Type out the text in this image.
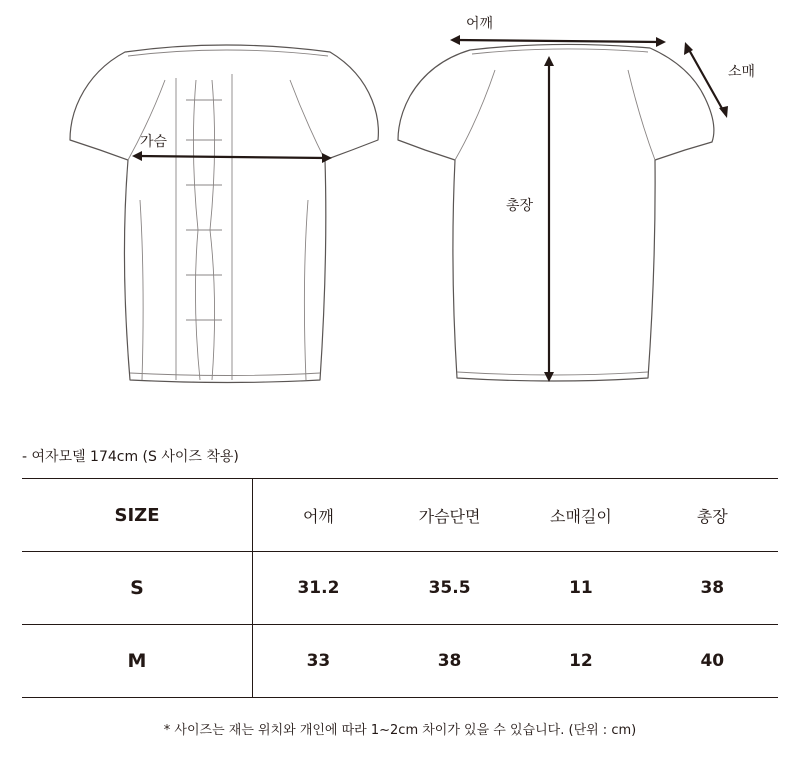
가슴
어깨
소매
총장
- 여자모델 174cm (S 사이즈 착용)
SIZE	어깨	가슴단면	소매길이	총장
S	31.2	35.5	11	38
M	33	38	12	40
* 사이즈는 재는 위치와 개인에 따라 1~2cm 차이가 있을 수 있습니다. (단위 : cm)
